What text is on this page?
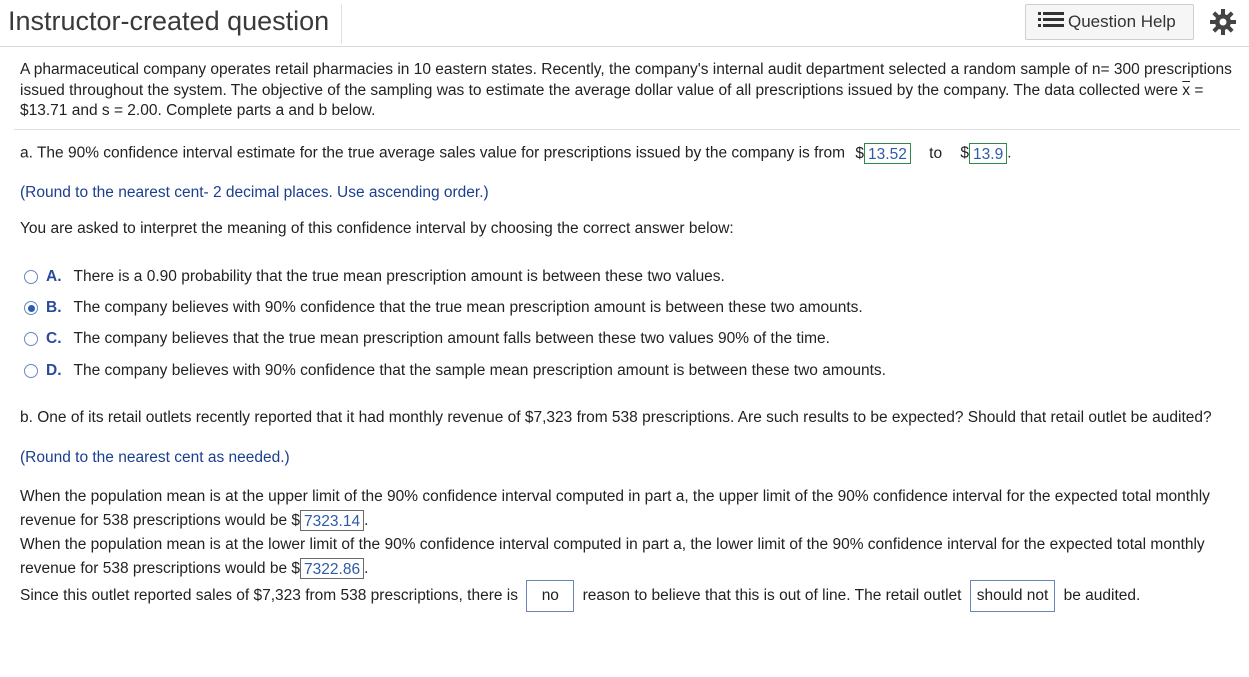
Instructor-created question	Question Help

A pharmaceutical company operates retail pharmacies in 10 eastern states. Recently, the company's internal audit department selected a random sample of n= 300 prescriptions issued throughout the system. The objective of the sampling was to estimate the average dollar value of all prescriptions issued by the company. The data collected were $\overline{x}$ = $13.71 and s = 2.00. Complete parts a and b below.

a. The 90% confidence interval estimate for the true average sales value for prescriptions issued by the company is from $ 13.52 to $ 13.9 .
(Round to the nearest cent- 2 decimal places. Use ascending order.)
You are asked to interpret the meaning of this confidence interval by choosing the correct answer below:
A. There is a 0.90 probability that the true mean prescription amount is between these two values.
B. The company believes with 90% confidence that the true mean prescription amount is between these two amounts.
C. The company believes that the true mean prescription amount falls between these two values 90% of the time.
D. The company believes with 90% confidence that the sample mean prescription amount is between these two amounts.
b. One of its retail outlets recently reported that it had monthly revenue of $7,323 from 538 prescriptions. Are such results to be expected? Should that retail outlet be audited?
(Round to the nearest cent as needed.)
When the population mean is at the upper limit of the 90% confidence interval computed in part a, the upper limit of the 90% confidence interval for the expected total monthly revenue for 538 prescriptions would be $ 7323.14 .
When the population mean is at the lower limit of the 90% confidence interval computed in part a, the lower limit of the 90% confidence interval for the expected total monthly revenue for 538 prescriptions would be $ 7322.86 .
Since this outlet reported sales of $7,323 from 538 prescriptions, there is no reason to believe that this is out of line. The retail outlet should not be audited.
